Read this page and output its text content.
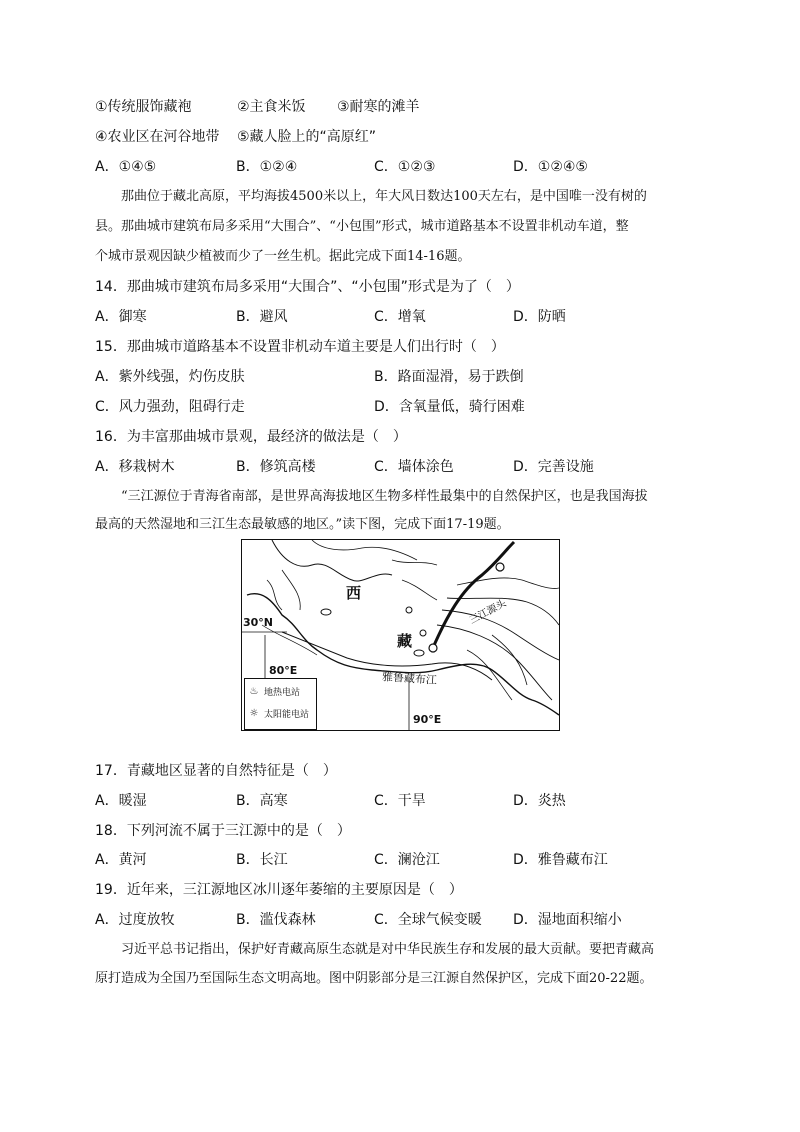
①传统服饰藏袍	②主食米饭 ③耐寒的滩羊
④农业区在河谷地带 ⑤藏人脸上的“高原红”
A．①④⑤	B．①②④	C．①②③	D．①②④⑤
那曲位于藏北高原，平均海拔4500米以上，年大风日数达100天左右，是中国唯一没有树的
县。那曲城市建筑布局多采用“大围合”、“小包围”形式，城市道路基本不设置非机动车道，整
个城市景观因缺少植被而少了一丝生机。据此完成下面14-16题。
14．那曲城市建筑布局多采用“大围合”、“小包围”形式是为了（　）
A．御寒	B．避风	C．增氧	D．防晒
15．那曲城市道路基本不设置非机动车道主要是人们出行时（　）
A．紫外线强，灼伤皮肤	B．路面湿滑，易于跌倒
C．风力强劲，阻碍行走	D．含氧量低，骑行困难
16．为丰富那曲城市景观，最经济的做法是（　）
A．移栽树木	B．修筑高楼	C．墙体涂色	D．完善设施
“三江源位于青海省南部，是世界高海拔地区生物多样性最集中的自然保护区，也是我国海拔
最高的天然湿地和三江生态最敏感的地区。”读下图，完成下面17-19题。
西
藏
30°N
80°E
90°E
雅鲁藏布江
三江源头
♨ 地热电站
☼ 太阳能电站
17．青藏地区显著的自然特征是（　）
A．暖湿	B．高寒	C．干旱	D．炎热
18．下列河流不属于三江源中的是（　）
A．黄河	B．长江	C．澜沧江	D．雅鲁藏布江
19．近年来，三江源地区冰川逐年萎缩的主要原因是（　）
A．过度放牧	B．滥伐森林	C．全球气候变暖 D．湿地面积缩小
习近平总书记指出，保护好青藏高原生态就是对中华民族生存和发展的最大贡献。要把青藏高
原打造成为全国乃至国际生态文明高地。图中阴影部分是三江源自然保护区，完成下面20-22题。
